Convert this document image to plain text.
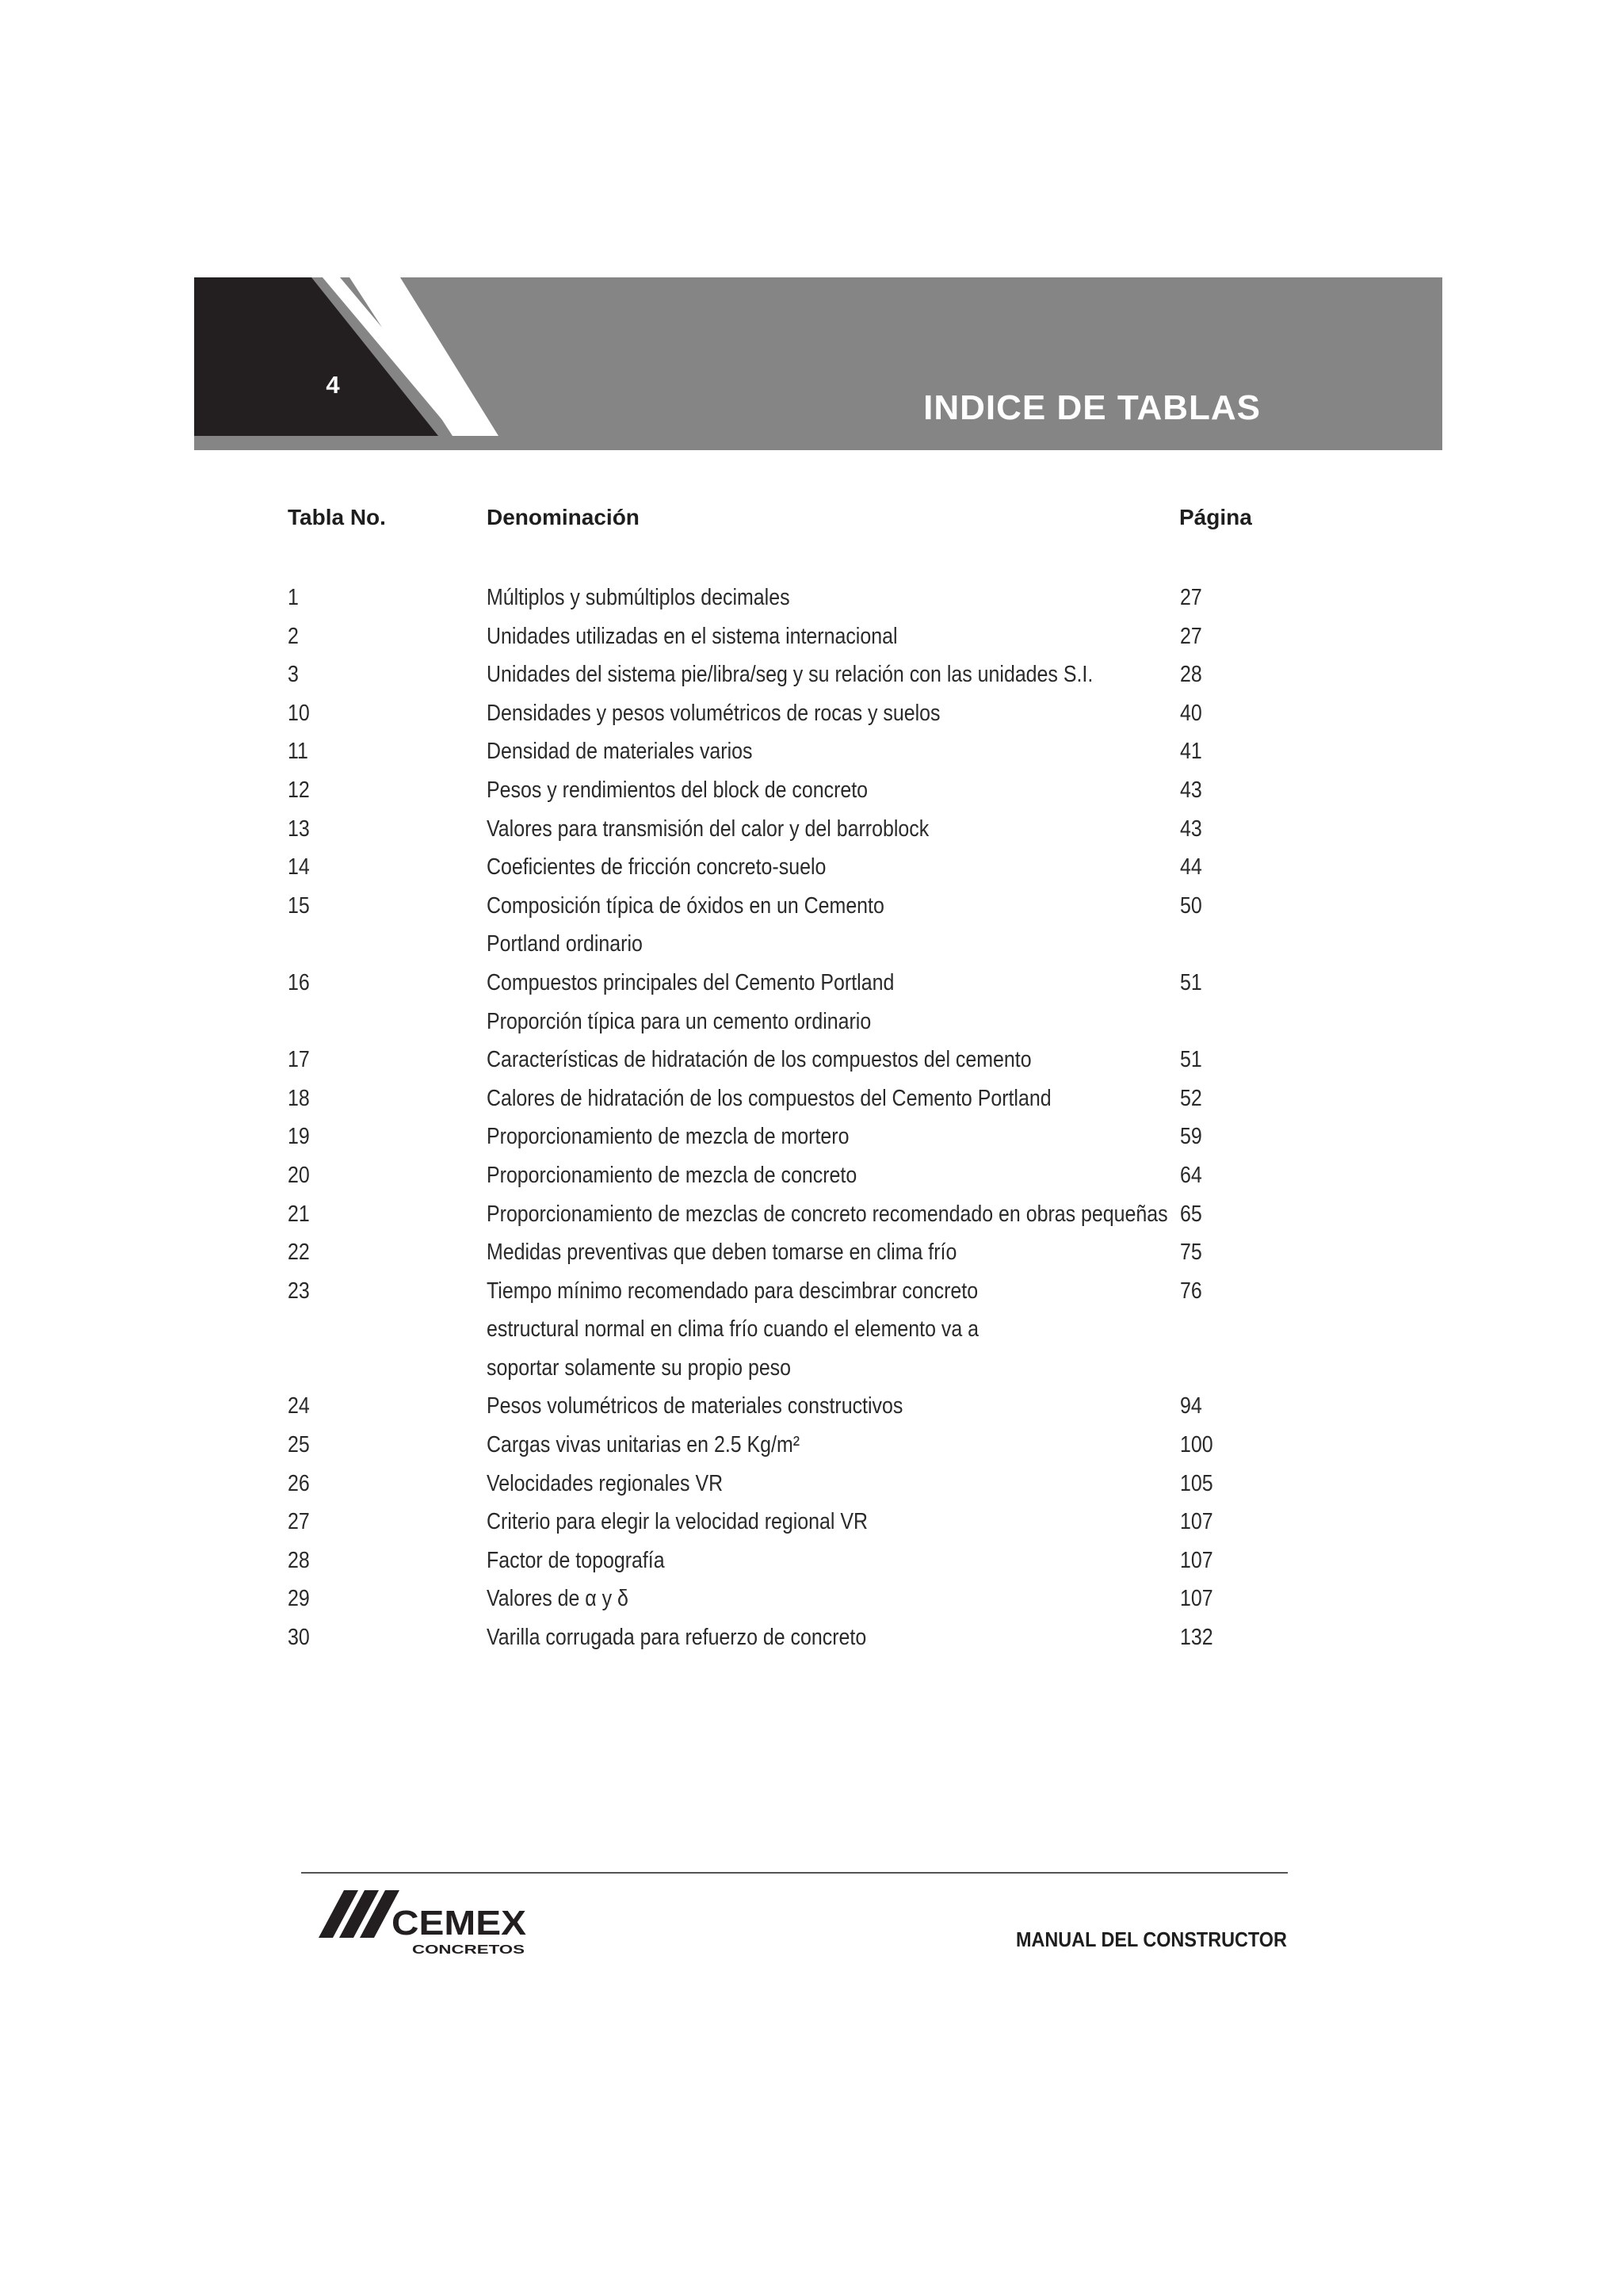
4
INDICE DE TABLAS
Tabla No.	Denominación	Página
1	Múltiplos y submúltiplos decimales	27
2	Unidades utilizadas en el sistema internacional	27
3	Unidades del sistema pie/libra/seg y su relación con las unidades S.I.	28
10	Densidades y pesos volumétricos de rocas y suelos	40
11	Densidad de materiales varios	41
12	Pesos y rendimientos del block de concreto	43
13	Valores para transmisión del calor y del barroblock	43
14	Coeficientes de fricción concreto-suelo	44
15	Composición típica de óxidos en un Cemento	50
Portland ordinario
16	Compuestos principales del Cemento Portland	51
Proporción típica para un cemento ordinario
17	Características de hidratación de los compuestos del cemento	51
18	Calores de hidratación de los compuestos del Cemento Portland	52
19	Proporcionamiento de mezcla de mortero	59
20	Proporcionamiento de mezcla de concreto	64
21	Proporcionamiento de mezclas de concreto recomendado en obras pequeñas 65
22	Medidas preventivas que deben tomarse en clima frío	75
23	Tiempo mínimo recomendado para descimbrar concreto	76
estructural normal en clima frío cuando el elemento va a
soportar solamente su propio peso
24	Pesos volumétricos de materiales constructivos	94
25	Cargas vivas unitarias en 2.5 Kg/m²	100
26	Velocidades regionales VR	105
27	Criterio para elegir la velocidad regional VR	107
28	Factor de topografía	107
29	Valores de α y δ	107
30	Varilla corrugada para refuerzo de concreto	132
CEMEX
CONCRETOS	MANUAL DEL CONSTRUCTOR
